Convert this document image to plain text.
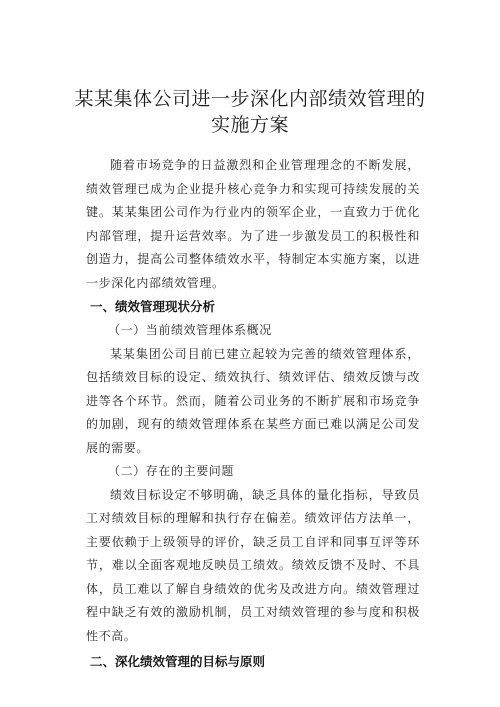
某某集体公司进一步深化内部绩效管理的
实施方案

随着市场竞争的日益激烈和企业管理理念的不断发展，绩效管理已成为企业提升核心竞争力和实现可持续发展的关键。某某集团公司作为行业内的领军企业，一直致力于优化内部管理，提升运营效率。为了进一步激发员工的积极性和创造力，提高公司整体绩效水平，特制定本实施方案，以进一步深化内部绩效管理。

一、绩效管理现状分析

（一）当前绩效管理体系概况

某某集团公司目前已建立起较为完善的绩效管理体系，包括绩效目标的设定、绩效执行、绩效评估、绩效反馈与改进等各个环节。然而，随着公司业务的不断扩展和市场竞争的加剧，现有的绩效管理体系在某些方面已难以满足公司发展的需要。

（二）存在的主要问题

绩效目标设定不够明确，缺乏具体的量化指标，导致员工对绩效目标的理解和执行存在偏差。绩效评估方法单一，主要依赖于上级领导的评价，缺乏员工自评和同事互评等环节，难以全面客观地反映员工绩效。绩效反馈不及时、不具体，员工难以了解自身绩效的优劣及改进方向。绩效管理过程中缺乏有效的激励机制，员工对绩效管理的参与度和积极性不高。

二、深化绩效管理的目标与原则
